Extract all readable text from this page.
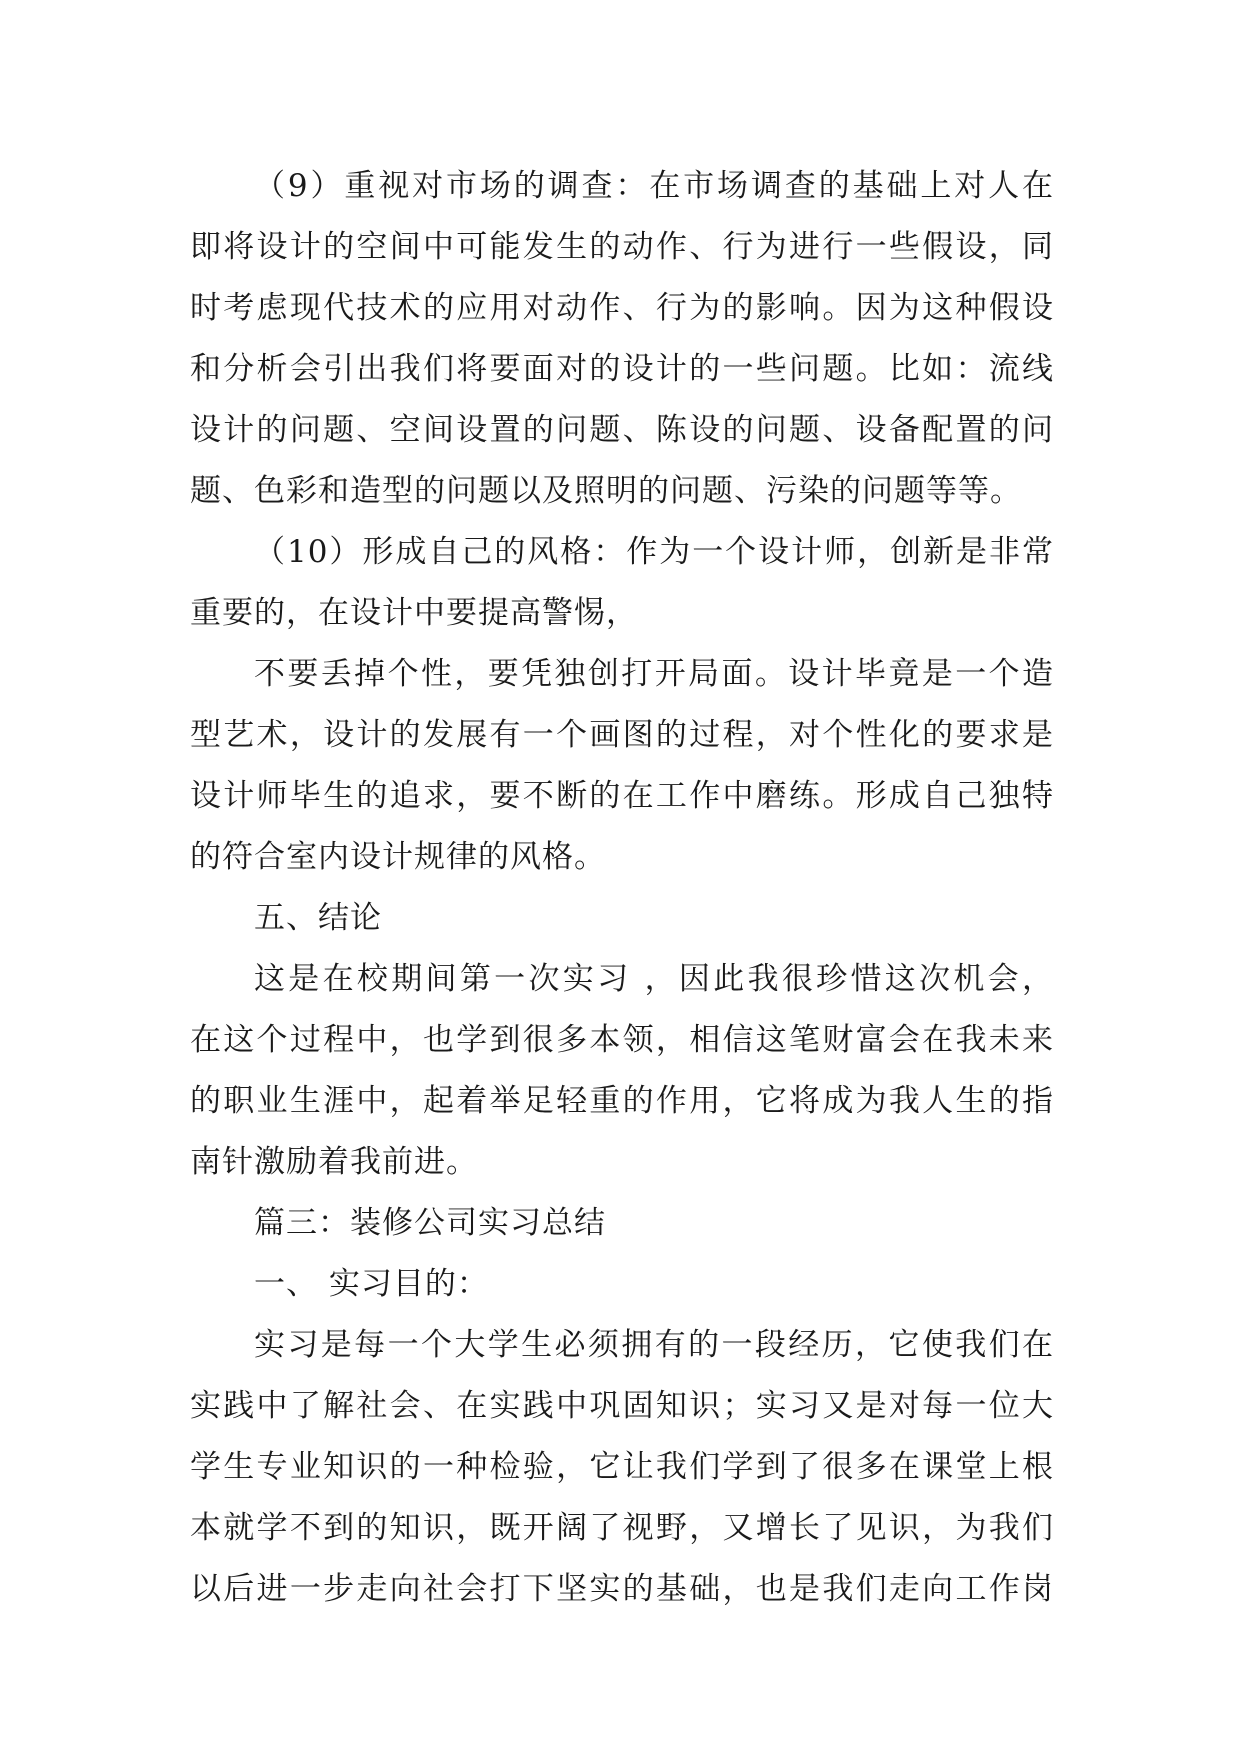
（9）重视对市场的调查：在市场调查的基础上对人在
即将设计的空间中可能发生的动作、行为进行一些假设，同
时考虑现代技术的应用对动作、行为的影响。因为这种假设
和分析会引出我们将要面对的设计的一些问题。比如：流线
设计的问题、空间设置的问题、陈设的问题、设备配置的问
题、色彩和造型的问题以及照明的问题、污染的问题等等。
（10）形成自己的风格：作为一个设计师，创新是非常
重要的，在设计中要提高警惕，
不要丢掉个性，要凭独创打开局面。设计毕竟是一个造
型艺术，设计的发展有一个画图的过程，对个性化的要求是
设计师毕生的追求，要不断的在工作中磨练。形成自己独特
的符合室内设计规律的风格。
五、结论
这是在校期间第一次实习 ，因此我很珍惜这次机会，
在这个过程中，也学到很多本领，相信这笔财富会在我未来
的职业生涯中，起着举足轻重的作用，它将成为我人生的指
南针激励着我前进。
篇三：装修公司实习总结
一、 实习目的：
实习是每一个大学生必须拥有的一段经历，它使我们在
实践中了解社会、在实践中巩固知识；实习又是对每一位大
学生专业知识的一种检验，它让我们学到了很多在课堂上根
本就学不到的知识，既开阔了视野，又增长了见识，为我们
以后进一步走向社会打下坚实的基础，也是我们走向工作岗
